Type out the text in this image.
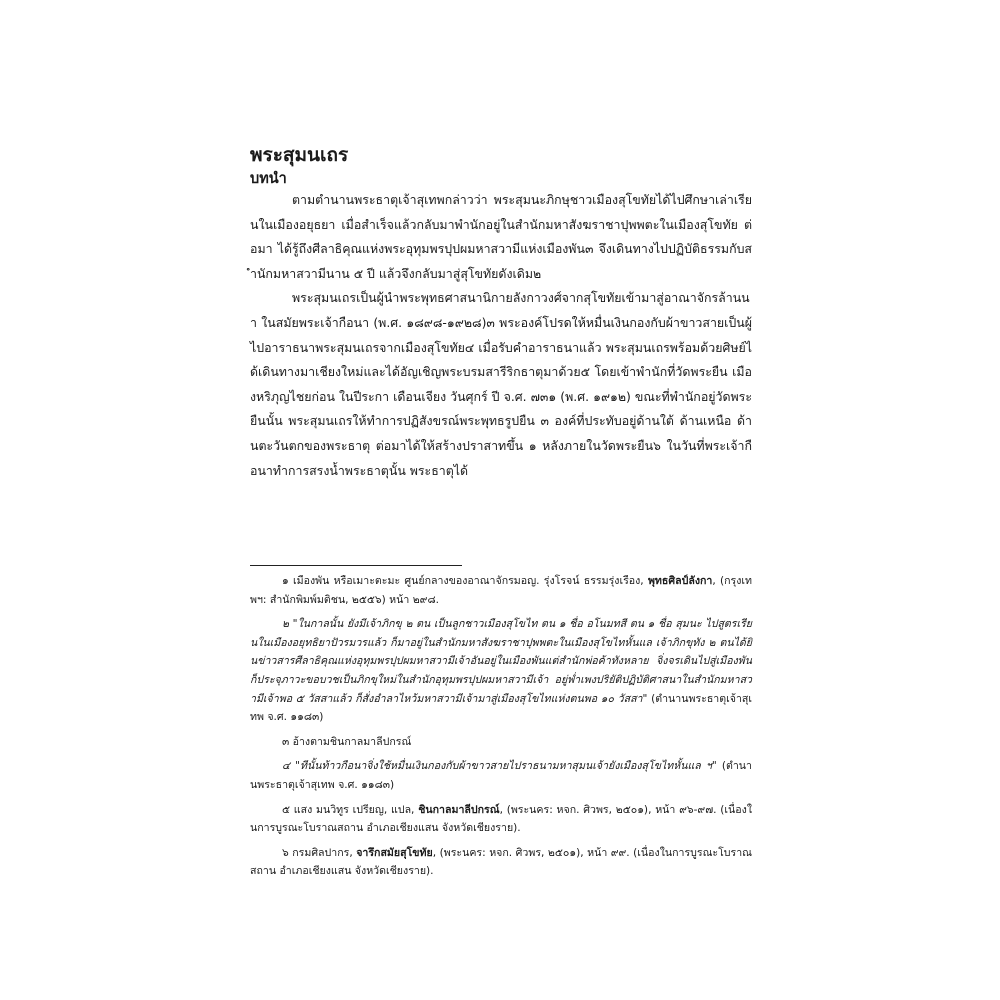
พระสุมนเถร
บทนำ

ตามตำนานพระธาตุเจ้าสุเทพกล่าวว่า พระสุมนะภิกษุชาวเมืองสุโขทัยได้ไปศึกษาเล่าเรียนในเมืองอยุธยา เมื่อสำเร็จแล้วกลับมาพำนักอยู่ในสำนักมหาสังฆราชาปุพพตะในเมืองสุโขทัย ต่อมา ได้รู้ถึงศีลาธิคุณแห่งพระอุทุมพรปุปผมหาสวามีแห่งเมืองพัน๓ จึงเดินทางไปปฏิบัติธรรมกับสำนักมหาสวามีนาน ๕ ปี แล้วจึงกลับมาสู่สุโขทัยดังเดิม๒

พระสุมนเถรเป็นผู้นำพระพุทธศาสนานิกายลังกาวงศ์จากสุโขทัยเข้ามาสู่อาณาจักรล้านนา ในสมัยพระเจ้ากือนา (พ.ศ. ๑๘๙๘-๑๙๒๘)๓ พระองค์โปรดให้หมื่นเงินกองกับผ้าขาวสายเป็นผู้ไปอาราธนาพระสุมนเถรจากเมืองสุโขทัย๔ เมื่อรับคำอาราธนาแล้ว พระสุมนเถรพร้อมด้วยศิษย์ได้เดินทางมาเชียงใหม่และได้อัญเชิญพระบรมสารีริกธาตุมาด้วย๕ โดยเข้าพำนักที่วัดพระยืน เมืองหริภุญไชยก่อน ในปีระกา เดือนเจียง วันศุกร์ ปี จ.ศ. ๗๓๑ (พ.ศ. ๑๙๑๒) ขณะที่พำนักอยู่วัดพระยืนนั้น พระสุมนเถรให้ทำการปฏิสังขรณ์พระพุทธรูปยืน ๓ องค์ที่ประทับอยู่ด้านใต้ ด้านเหนือ ด้านตะวันตกของพระธาตุ ต่อมาได้ให้สร้างปราสาทขึ้น ๑ หลังภายในวัดพระยืน๖ ในวันที่พระเจ้ากือนาทำการสรงน้ำพระธาตุนั้น พระธาตุได้

๑ เมืองพัน หรือเมาะตะมะ ศูนย์กลางของอาณาจักรมอญ. รุ่งโรจน์ ธรรมรุ่งเรือง, พุทธศิลป์ลังกา, (กรุงเทพฯ: สำนักพิมพ์มติชน, ๒๕๕๖) หน้า ๒๙๘.

๒ "ในกาลนั้น ยังมีเจ้าภิกขุ ๒ ตน เป็นลูกชาวเมืองสุโขไท ตน ๑ ชื่อ อโนมทสี ตน ๑ ชื่อ สุมนะ ไปสูตรเรียนในเมืองอยุทธิยาปัวรมวรแล้ว ก็มาอยู่ในสำนักมหาสังฆราชาปุพพตะในเมืองสุโขไทหั้นแล เจ้าภิกขุทัง ๒ ตนได้ยินข่าวสารศีลาธิคุณแห่งอุทุมพรปุปผมหาสวามีเจ้าอันอยู่ในเมืองพันแต่สำนักพ่อค้าทังหลาย จิ่งจรเดินไปสู่เมืองพัน ก็ประจุภาวะขอบวชเป็นภิกขุใหม่ในสำนักอุทุมพรปุปผมหาสวามีเจ้า อยู่พ่ำเพงปริยัติปฏิบัติศาสนาในสำนักมหาสวามีเจ้าพอ ๕ วัสสาแล้ว ก็สั่งอำลาไหว้มหาสวามีเจ้ามาสู่เมืองสุโขไทแห่งตนพอ ๑๐ วัสสา" (ตำนานพระธาตุเจ้าสุเทพ จ.ศ. ๑๑๘๓)

๓ อ้างตามชินกาลมาลีปกรณ์

๔ "ทีนั้นท้าวกือนาจิ่งใช้หมื่นเงินกองกับผ้าขาวสายไปราธนามหาสุมนเจ้ายังเมืองสุโขไทหั้นแล ฯ" (ตำนานพระธาตุเจ้าสุเทพ จ.ศ. ๑๑๘๓)

๕ แสง มนวิทูร เปรียญ, แปล, ชินกาลมาลีปกรณ์, (พระนคร: หจก. ศิวพร, ๒๕๐๑), หน้า ๙๖-๙๗. (เนื่องในการบูรณะโบราณสถาน อำเภอเชียงแสน จังหวัดเชียงราย).

๖ กรมศิลปากร, จารึกสมัยสุโขทัย, (พระนคร: หจก. ศิวพร, ๒๕๐๑), หน้า ๙๙. (เนื่องในการบูรณะโบราณสถาน อำเภอเชียงแสน จังหวัดเชียงราย).
